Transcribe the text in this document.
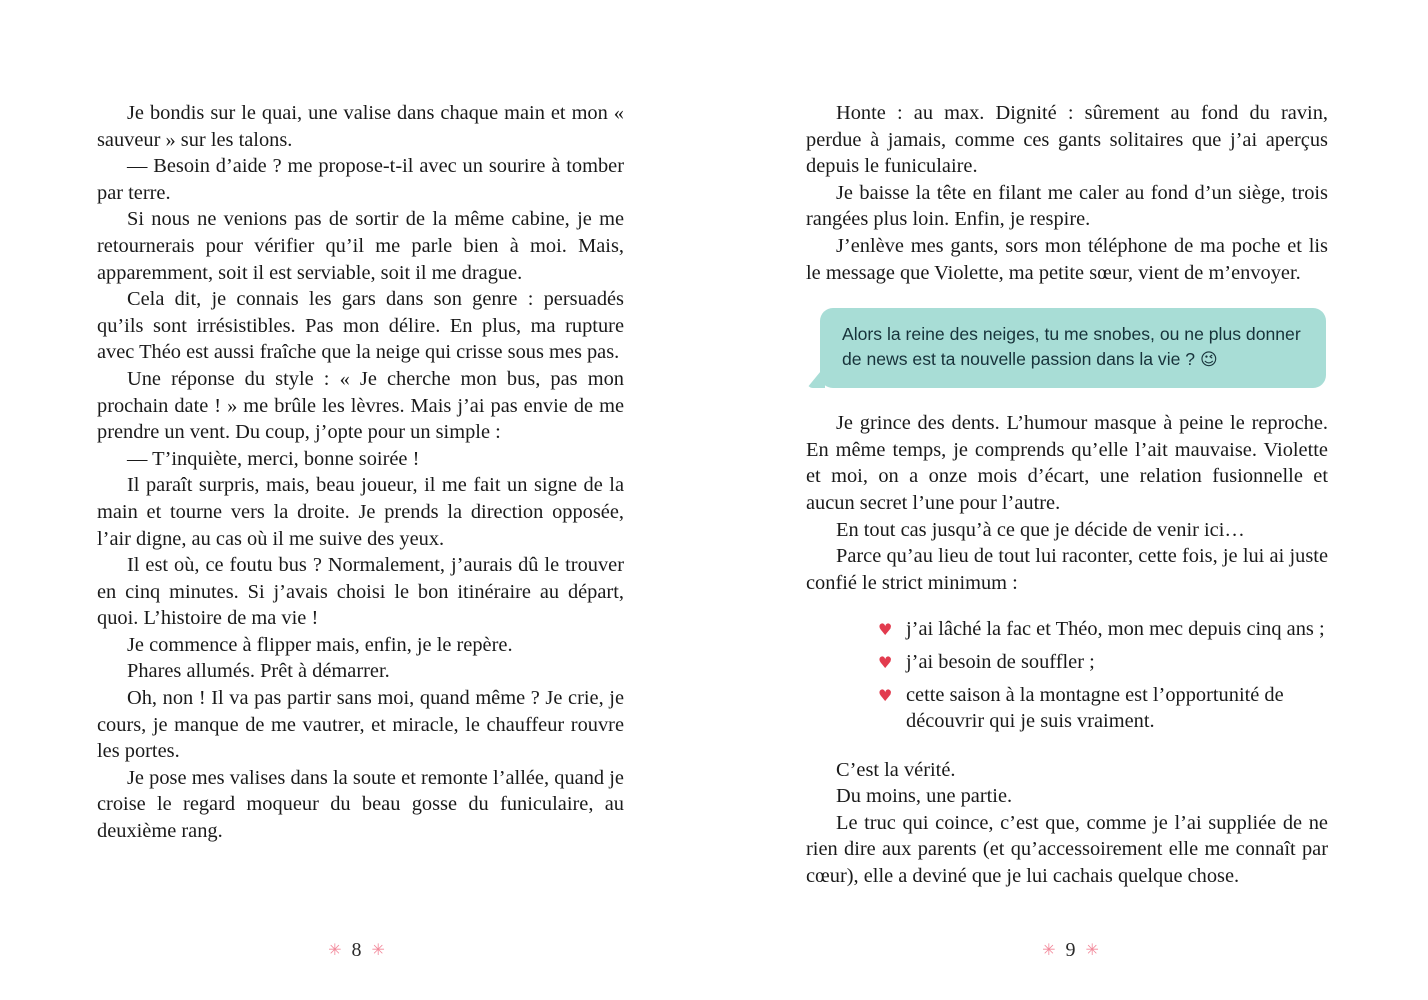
Je bondis sur le quai, une valise dans chaque main et mon « sauveur » sur les talons.

— Besoin d’aide ? me propose-t-il avec un sourire à tomber par terre.

Si nous ne venions pas de sortir de la même cabine, je me retournerais pour vérifier qu’il me parle bien à moi. Mais, apparemment, soit il est serviable, soit il me drague.

Cela dit, je connais les gars dans son genre : persuadés qu’ils sont irrésistibles. Pas mon délire. En plus, ma rupture avec Théo est aussi fraîche que la neige qui crisse sous mes pas.

Une réponse du style : « Je cherche mon bus, pas mon prochain date ! » me brûle les lèvres. Mais j’ai pas envie de me prendre un vent. Du coup, j’opte pour un simple :

— T’inquiète, merci, bonne soirée !

Il paraît surpris, mais, beau joueur, il me fait un signe de la main et tourne vers la droite. Je prends la direction opposée, l’air digne, au cas où il me suive des yeux.

Il est où, ce foutu bus ? Normalement, j’aurais dû le trouver en cinq minutes. Si j’avais choisi le bon itinéraire au départ, quoi. L’histoire de ma vie !

Je commence à flipper mais, enfin, je le repère.

Phares allumés. Prêt à démarrer.

Oh, non ! Il va pas partir sans moi, quand même ? Je crie, je cours, je manque de me vautrer, et miracle, le chauffeur rouvre les portes.

Je pose mes valises dans la soute et remonte l’allée, quand je croise le regard moqueur du beau gosse du funiculaire, au deuxième rang.

✳ 8 ✳

Honte : au max. Dignité : sûrement au fond du ravin, perdue à jamais, comme ces gants solitaires que j’ai aperçus depuis le funiculaire.

Je baisse la tête en filant me caler au fond d’un siège, trois rangées plus loin. Enfin, je respire.

J’enlève mes gants, sors mon téléphone de ma poche et lis le message que Violette, ma petite sœur, vient de m’envoyer.

Alors la reine des neiges, tu me snobes, ou ne plus donner de news est ta nouvelle passion dans la vie ? 😉

Je grince des dents. L’humour masque à peine le reproche. En même temps, je comprends qu’elle l’ait mauvaise. Violette et moi, on a onze mois d’écart, une relation fusionnelle et aucun secret l’une pour l’autre.

En tout cas jusqu’à ce que je décide de venir ici…

Parce qu’au lieu de tout lui raconter, cette fois, je lui ai juste confié le strict minimum :

♥ j’ai lâché la fac et Théo, mon mec depuis cinq ans ;
♥ j’ai besoin de souffler ;
♥ cette saison à la montagne est l’opportunité de découvrir qui je suis vraiment.

C’est la vérité.

Du moins, une partie.

Le truc qui coince, c’est que, comme je l’ai suppliée de ne rien dire aux parents (et qu’accessoirement elle me connaît par cœur), elle a deviné que je lui cachais quelque chose.

✳ 9 ✳
